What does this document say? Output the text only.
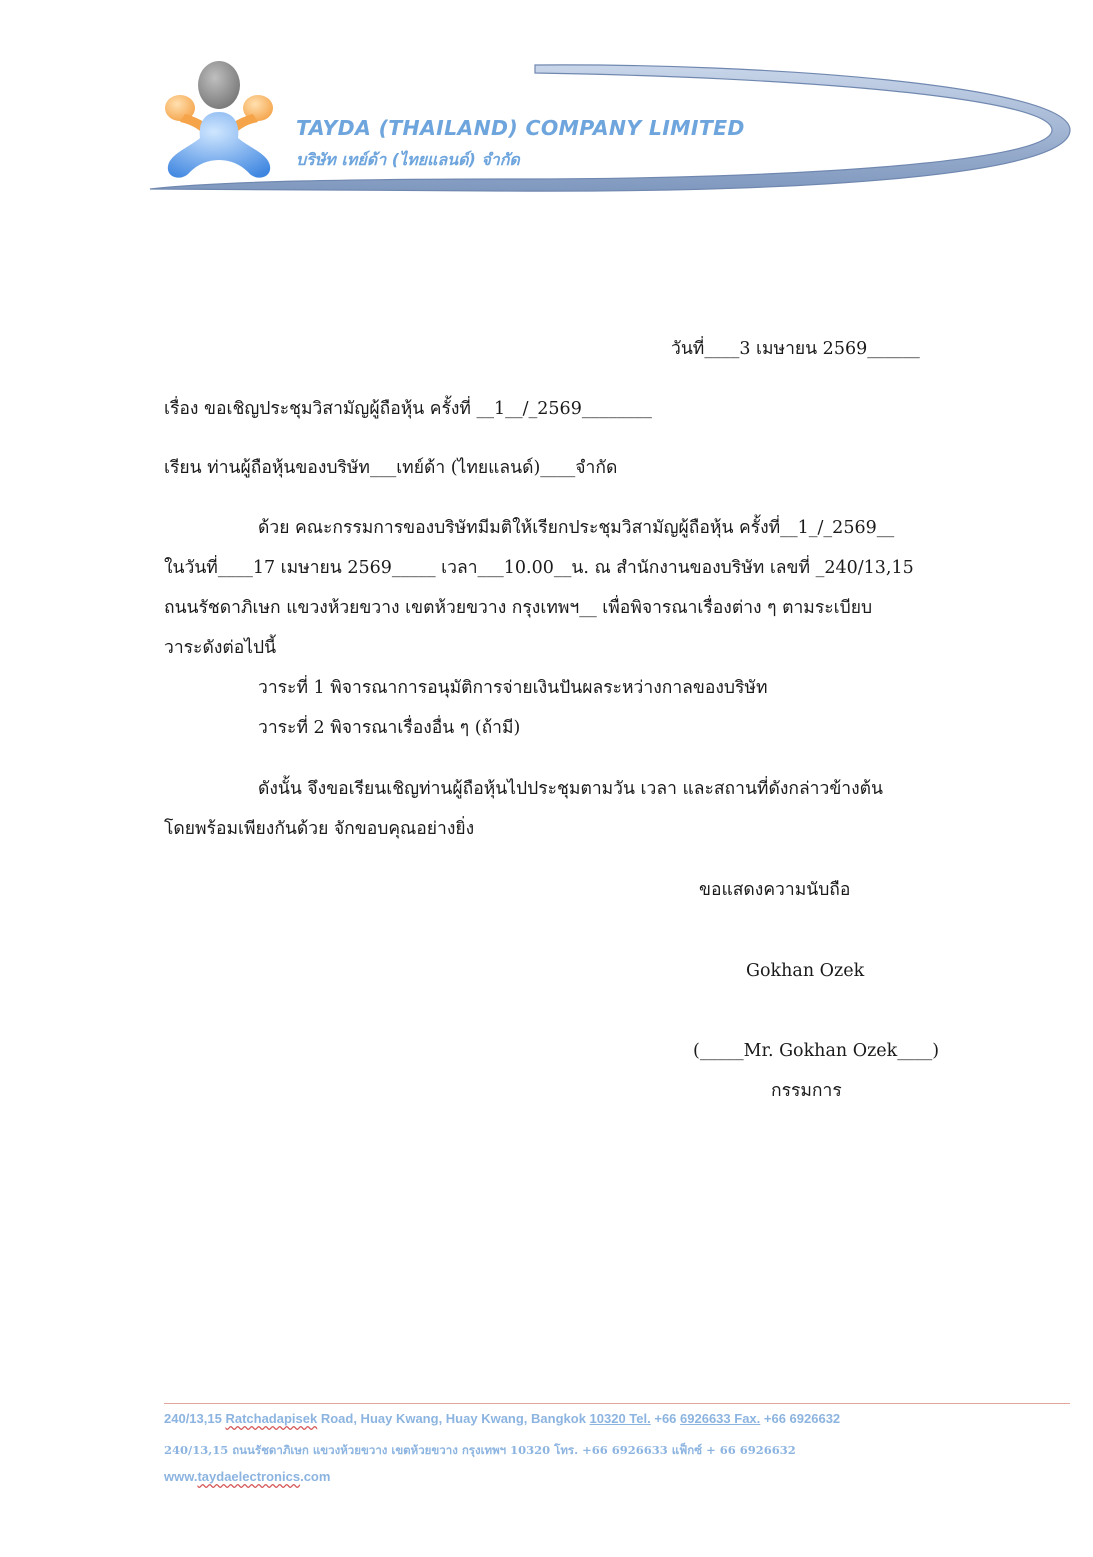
TAYDA (THAILAND) COMPANY LIMITED
บริษัท เทย์ด้า (ไทยแลนด์) จำกัด
วันที่____3 เมษายน 2569______
เรื่อง ขอเชิญประชุมวิสามัญผู้ถือหุ้น ครั้งที่ __1__/_2569________
เรียน ท่านผู้ถือหุ้นของบริษัท___เทย์ด้า (ไทยแลนด์)____จำกัด
ด้วย คณะกรรมการของบริษัทมีมติให้เรียกประชุมวิสามัญผู้ถือหุ้น ครั้งที่__1_/_2569__
ในวันที่____17 เมษายน 2569_____ เวลา___10.00__น. ณ สำนักงานของบริษัท เลขที่ _240/13,15
ถนนรัชดาภิเษก แขวงห้วยขวาง เขตห้วยขวาง กรุงเทพฯ__ เพื่อพิจารณาเรื่องต่าง ๆ ตามระเบียบ
วาระดังต่อไปนี้
วาระที่ 1 พิจารณาการอนุมัติการจ่ายเงินปันผลระหว่างกาลของบริษัท
วาระที่ 2 พิจารณาเรื่องอื่น ๆ (ถ้ามี)
ดังนั้น จึงขอเรียนเชิญท่านผู้ถือหุ้นไปประชุมตามวัน เวลา และสถานที่ดังกล่าวข้างต้น
โดยพร้อมเพียงกันด้วย จักขอบคุณอย่างยิ่ง
ขอแสดงความนับถือ
Gokhan Ozek
(_____Mr. Gokhan Ozek____)
กรรมการ
240/13,15 Ratchadapisek Road, Huay Kwang, Huay Kwang, Bangkok 10320 Tel. +66 6926633 Fax. +66 6926632
240/13,15 ถนนรัชดาภิเษก แขวงห้วยขวาง เขตห้วยขวาง กรุงเทพฯ 10320 โทร. +66 6926633 แฟ็กซ์ + 66 6926632
www.taydaelectronics.com
